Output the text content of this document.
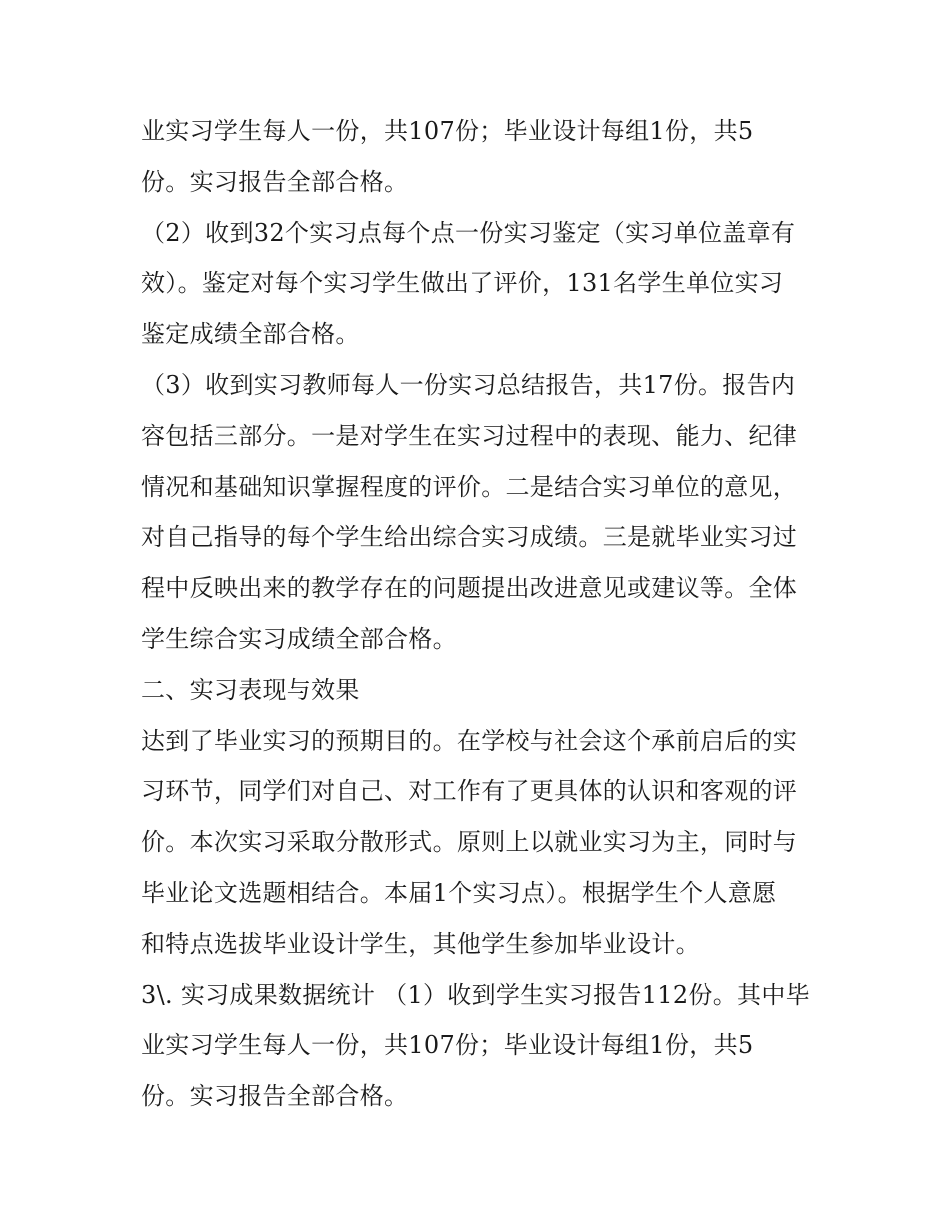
业实习学生每人一份，共107份；毕业设计每组1份，共5
份。实习报告全部合格。
（2）收到32个实习点每个点一份实习鉴定（实习单位盖章有
效）。鉴定对每个实习学生做出了评价，131名学生单位实习
鉴定成绩全部合格。
（3）收到实习教师每人一份实习总结报告，共17份。报告内
容包括三部分。一是对学生在实习过程中的表现、能力、纪律
情况和基础知识掌握程度的评价。二是结合实习单位的意见，
对自己指导的每个学生给出综合实习成绩。三是就毕业实习过
程中反映出来的教学存在的问题提出改进意见或建议等。全体
学生综合实习成绩全部合格。
二、实习表现与效果
达到了毕业实习的预期目的。在学校与社会这个承前启后的实
习环节，同学们对自己、对工作有了更具体的认识和客观的评
价。本次实习采取分散形式。原则上以就业实习为主，同时与
毕业论文选题相结合。本届1个实习点）。根据学生个人意愿
和特点选拔毕业设计学生，其他学生参加毕业设计。
3\. 实习成果数据统计 （1）收到学生实习报告112份。其中毕
业实习学生每人一份，共107份；毕业设计每组1份，共5
份。实习报告全部合格。
